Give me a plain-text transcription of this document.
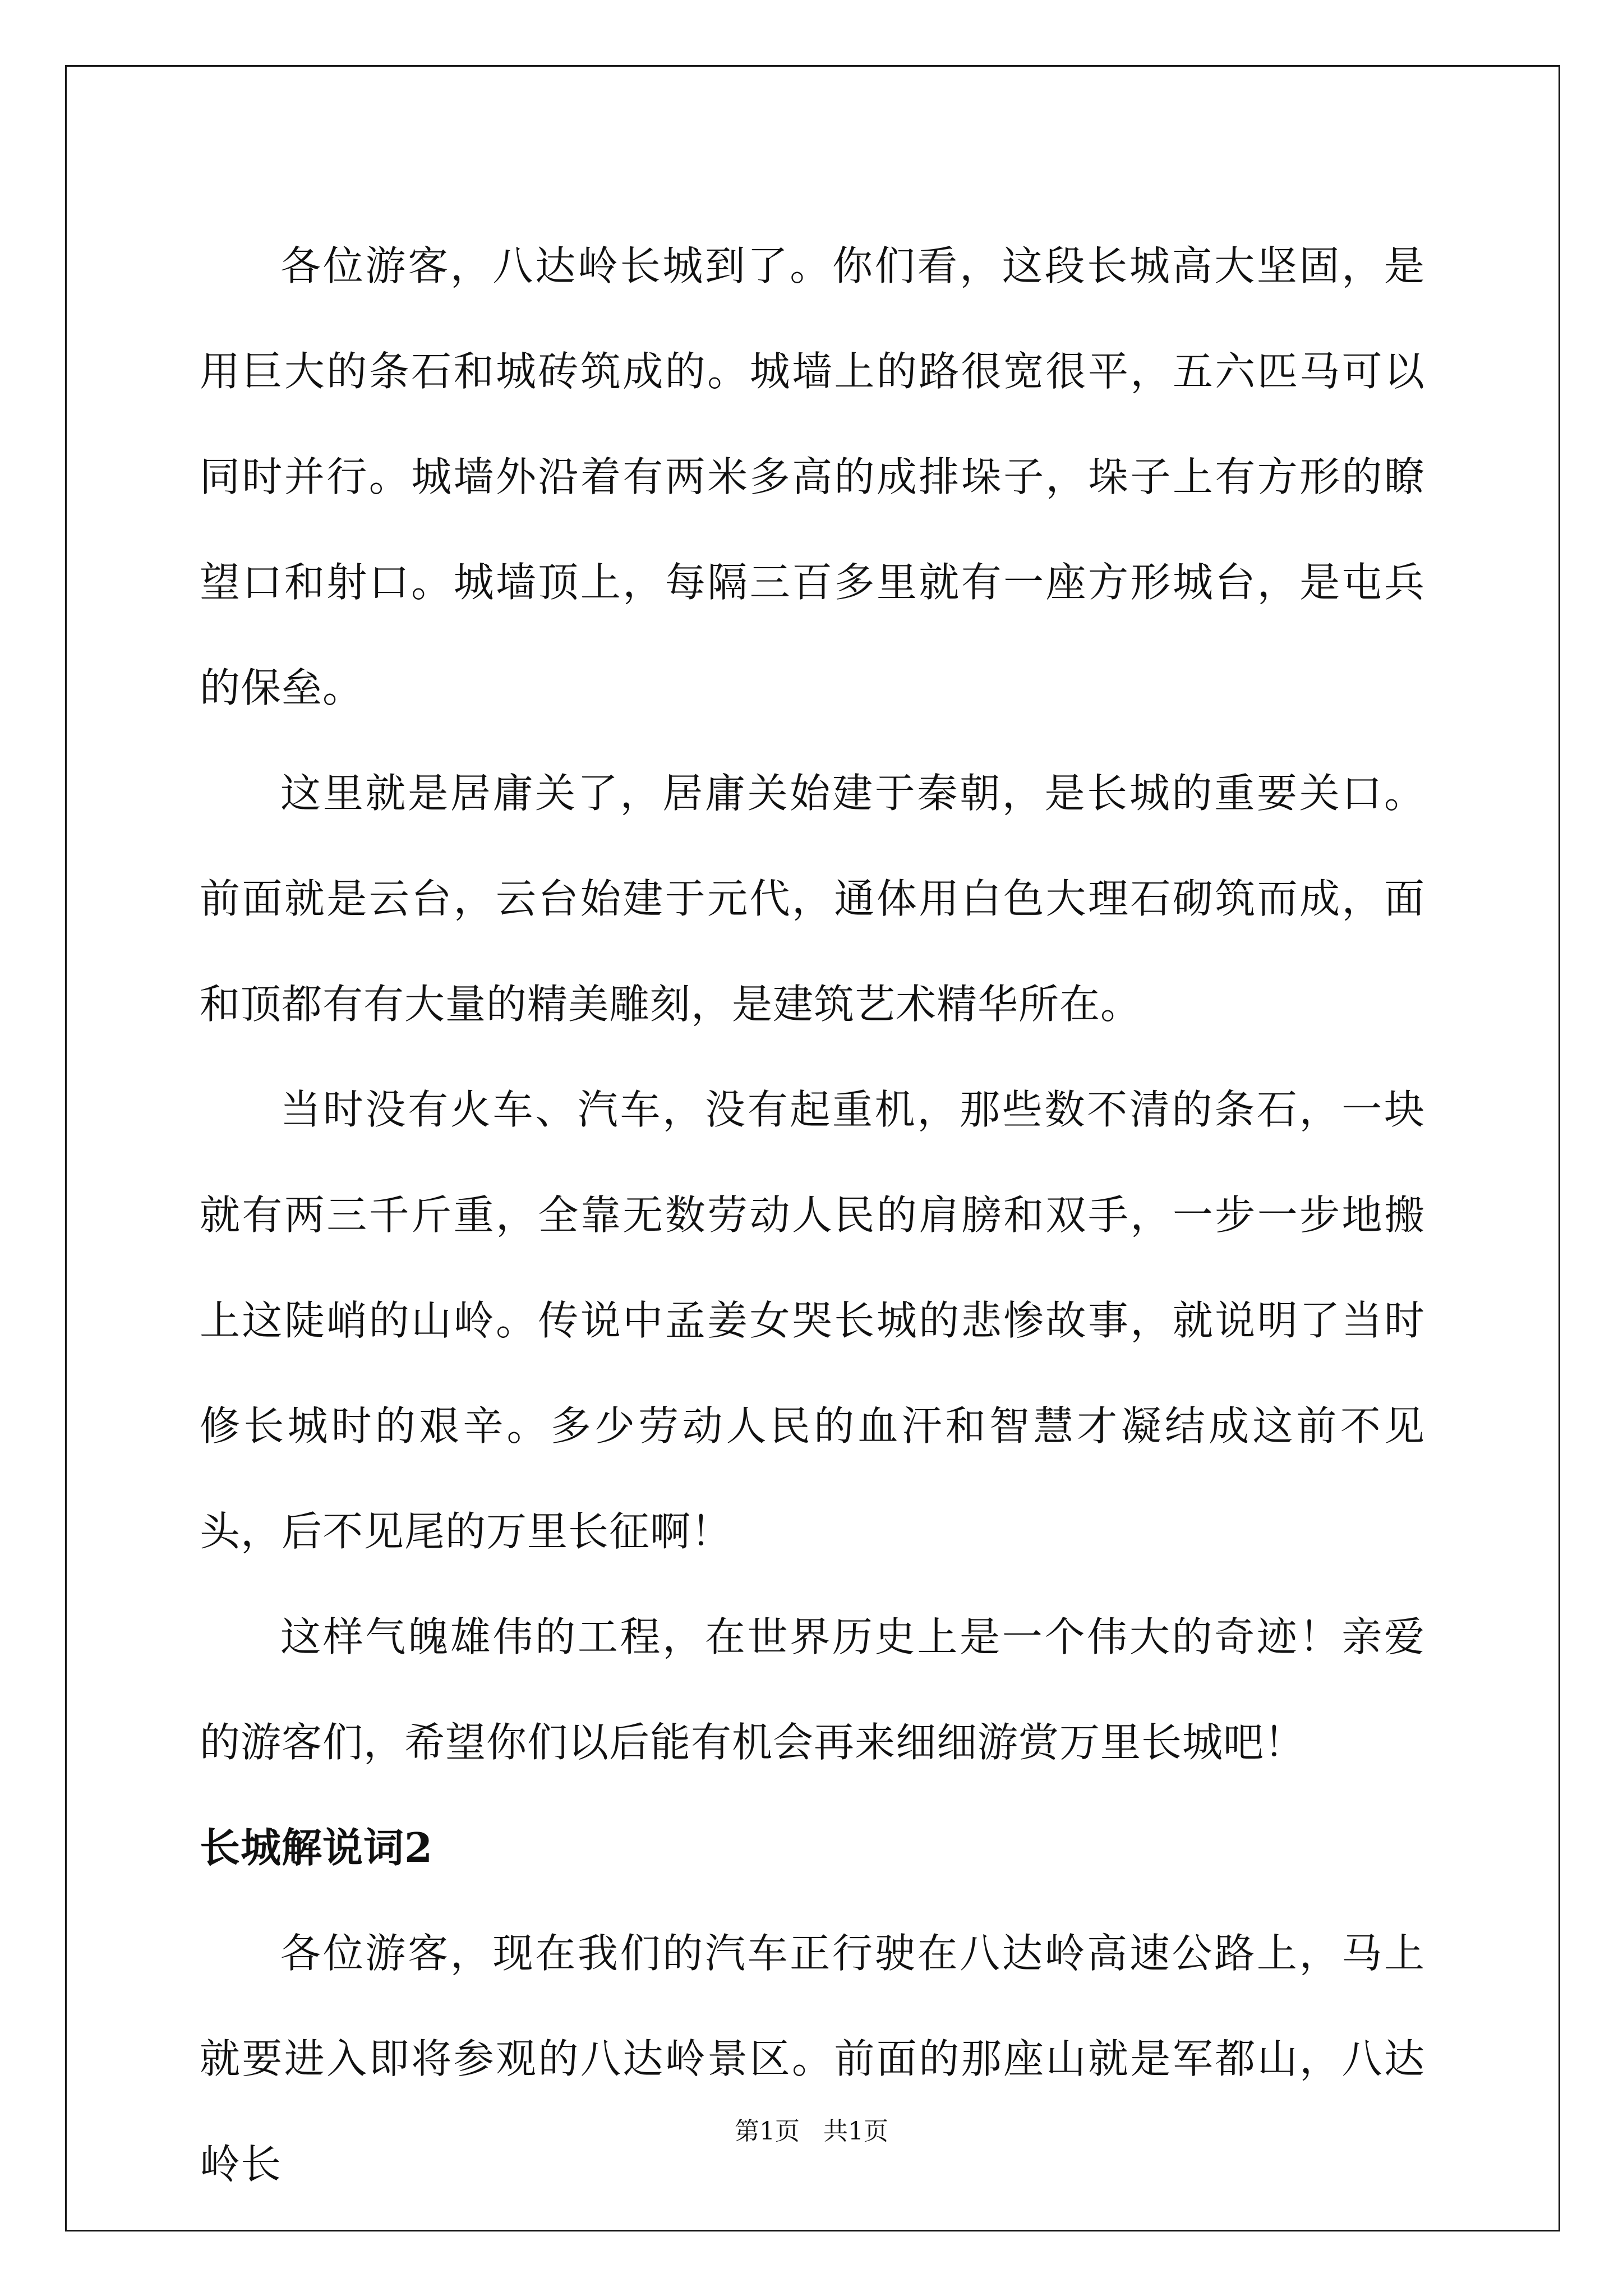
各位游客，八达岭长城到了。你们看，这段长城高大坚固，是用巨大的条石和城砖筑成的。城墙上的路很宽很平，五六匹马可以同时并行。城墙外沿着有两米多高的成排垛子，垛子上有方形的瞭望口和射口。城墙顶上，每隔三百多里就有一座方形城台，是屯兵的保垒。

这里就是居庸关了，居庸关始建于秦朝，是长城的重要关口。前面就是云台，云台始建于元代，通体用白色大理石砌筑而成，面和顶都有有大量的精美雕刻，是建筑艺术精华所在。

当时没有火车、汽车，没有起重机，那些数不清的条石，一块就有两三千斤重，全靠无数劳动人民的肩膀和双手，一步一步地搬上这陡峭的山岭。传说中孟姜女哭长城的悲惨故事，就说明了当时修长城时的艰辛。多少劳动人民的血汗和智慧才凝结成这前不见头，后不见尾的万里长征啊！

这样气魄雄伟的工程，在世界历史上是一个伟大的奇迹！亲爱的游客们，希望你们以后能有机会再来细细游赏万里长城吧！

长城解说词2

各位游客，现在我们的汽车正行驶在八达岭高速公路上，马上就要进入即将参观的八达岭景区。前面的那座山就是军都山，八达岭长

第1页 共1页
